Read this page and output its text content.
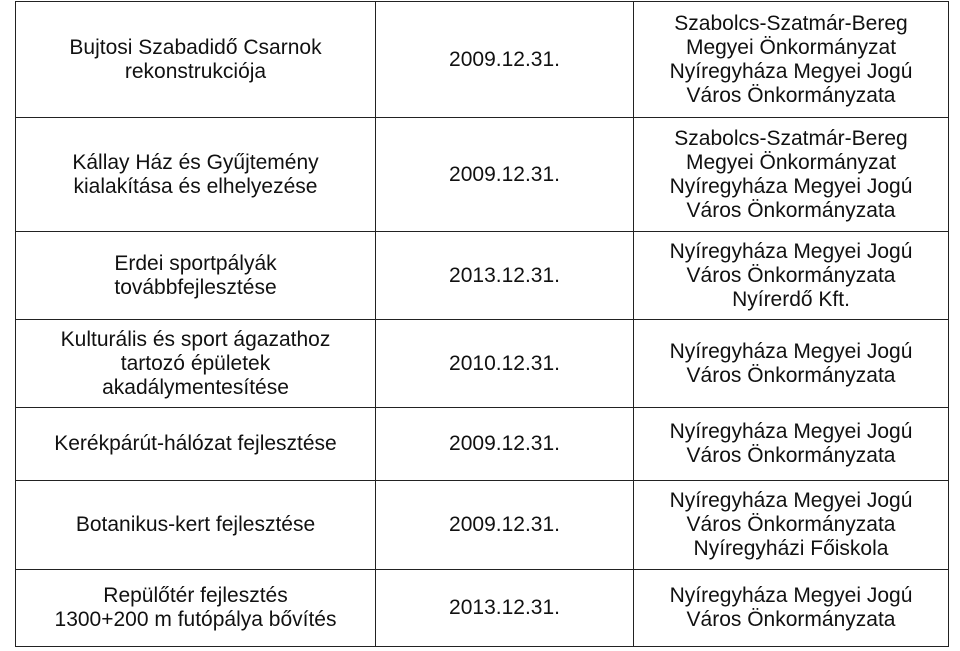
Bujtosi Szabadidő Csarnok
rekonstrukciója	2009.12.31.	Szabolcs-Szatmár-Bereg
Megyei Önkormányzat
Nyíregyháza Megyei Jogú
Város Önkormányzata

Kállay Ház és Gyűjtemény
kialakítása és elhelyezése	2009.12.31.	Szabolcs-Szatmár-Bereg
Megyei Önkormányzat
Nyíregyháza Megyei Jogú
Város Önkormányzata

Erdei sportpályák
továbbfejlesztése	2013.12.31.	Nyíregyháza Megyei Jogú
Város Önkormányzata
Nyírerdő Kft.

Kulturális és sport ágazathoz
tartozó épületek
akadálymentesítése	2010.12.31.	Nyíregyháza Megyei Jogú
Város Önkormányzata

Kerékpárút-hálózat fejlesztése	2009.12.31.	Nyíregyháza Megyei Jogú
Város Önkormányzata

Botanikus-kert fejlesztése	2009.12.31.	Nyíregyháza Megyei Jogú
Város Önkormányzata
Nyíregyházi Főiskola

Repülőtér fejlesztés
1300+200 m futópálya bővítés	2013.12.31.	Nyíregyháza Megyei Jogú
Város Önkormányzata
